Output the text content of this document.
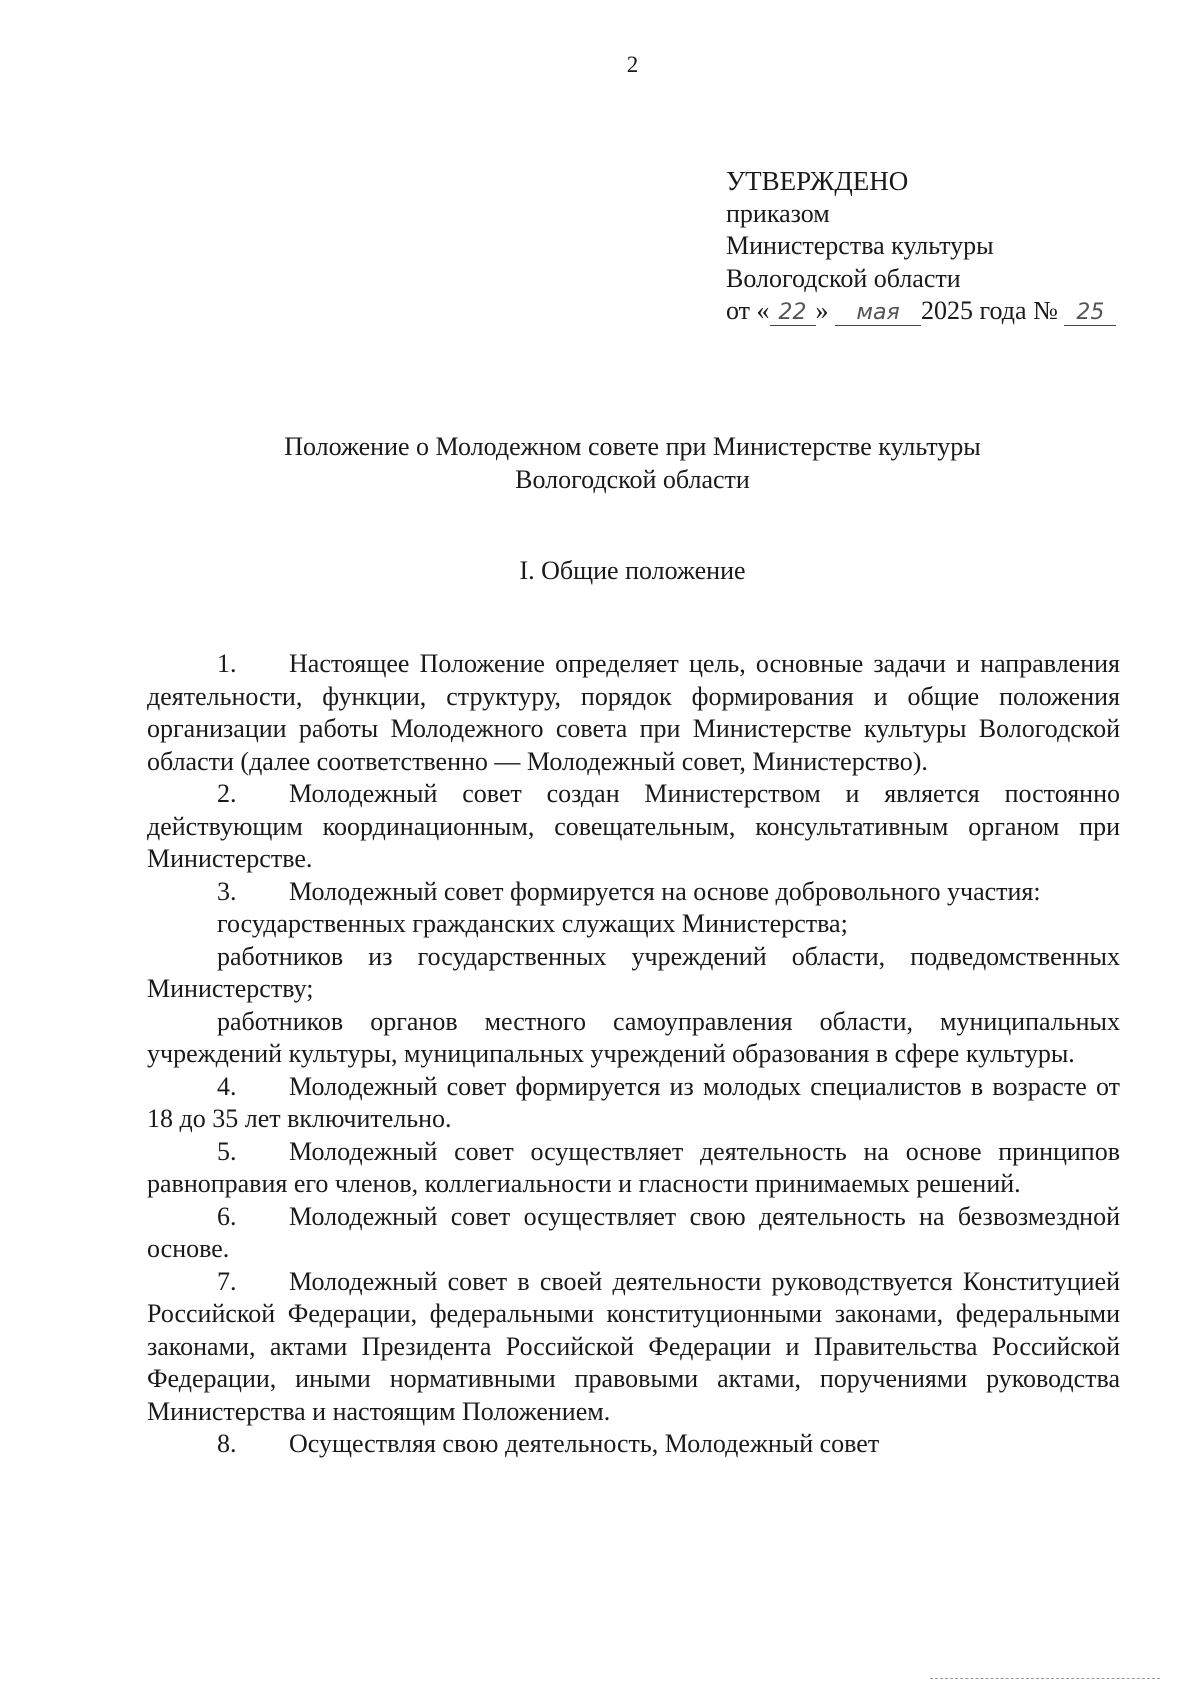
2
УТВЕРЖДЕНО
приказом
Министерства культуры
Вологодской области
от « 22 » мая 2025 года № 25
Положение о Молодежном совете при Министерстве культуры
Вологодской области
I. Общие положение

1. Настоящее Положение определяет цель, основные задачи и направления деятельности, функции, структуру, порядок формирования и общие положения организации работы Молодежного совета при Министерстве культуры Вологодской области (далее соответственно — Молодежный совет, Министерство).

2. Молодежный совет создан Министерством и является постоянно действующим координационным, совещательным, консультативным органом при Министерстве.

3. Молодежный совет формируется на основе добровольного участия:

государственных гражданских служащих Министерства;

работников из государственных учреждений области, подведомственных Министерству;

работников органов местного самоуправления области, муниципальных учреждений культуры, муниципальных учреждений образования в сфере культуры.

4. Молодежный совет формируется из молодых специалистов в возрасте от 18 до 35 лет включительно.

5. Молодежный совет осуществляет деятельность на основе принципов равноправия его членов, коллегиальности и гласности принимаемых решений.

6. Молодежный совет осуществляет свою деятельность на безвозмездной основе.

7. Молодежный совет в своей деятельности руководствуется Конституцией Российской Федерации, федеральными конституционными законами, федеральными законами, актами Президента Российской Федерации и Правительства Российской Федерации, иными нормативными правовыми актами, поручениями руководства Министерства и настоящим Положением.

8. Осуществляя свою деятельность, Молодежный совет
